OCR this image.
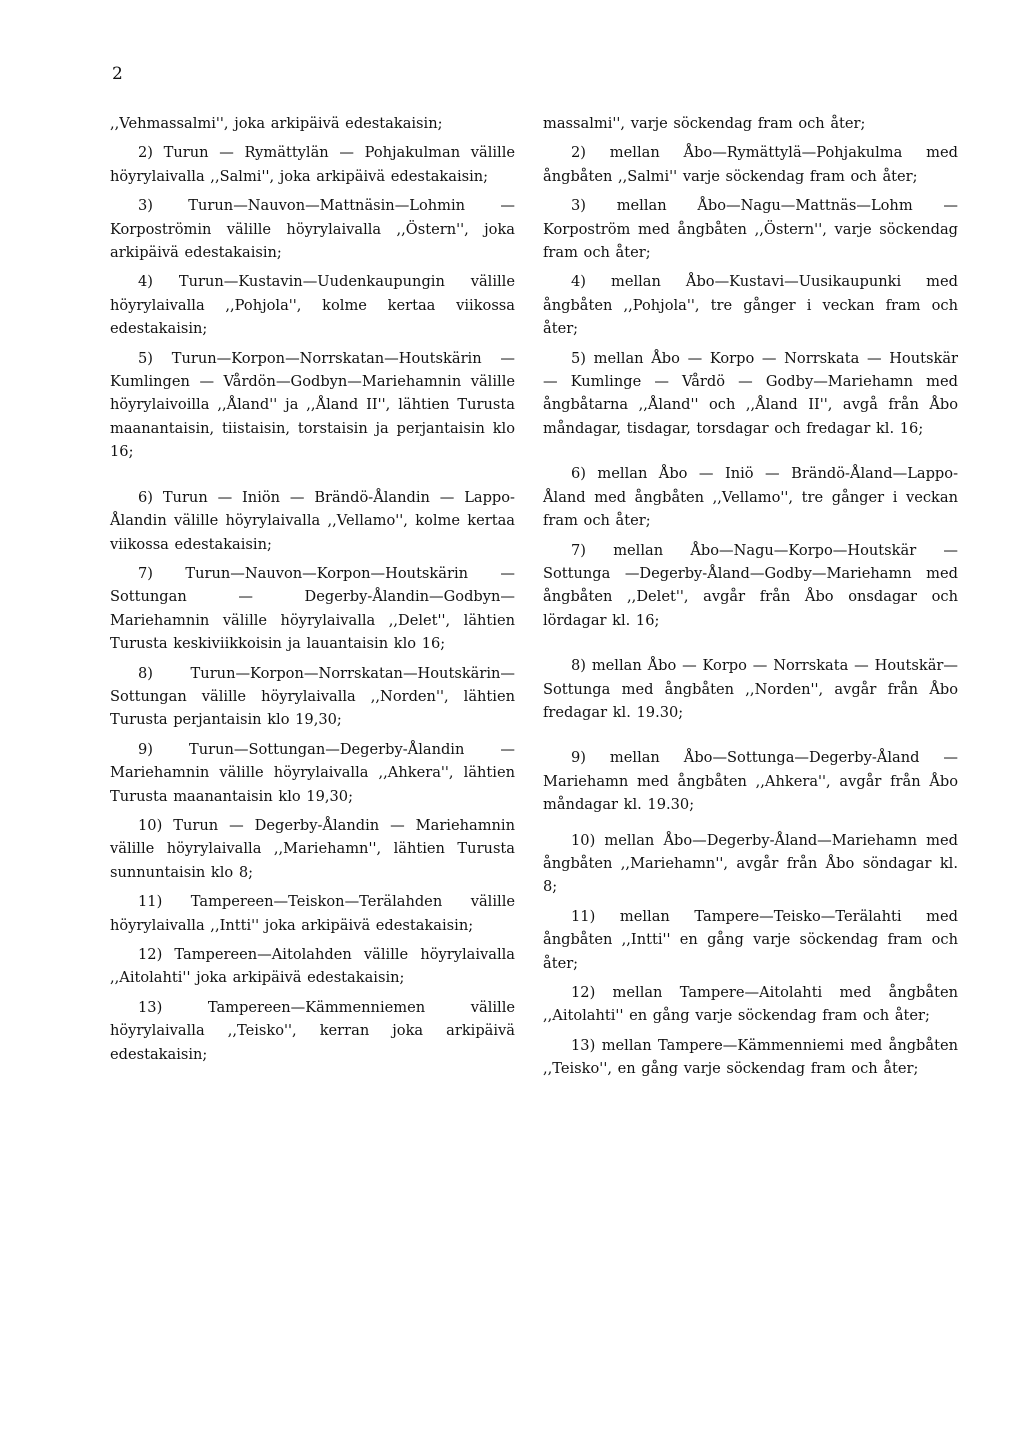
2

,,Vehmassalmi'', joka arkipäivä edestakaisin;

2) Turun — Rymättylän — Pohjakulman välille höyrylaivalla ,,Salmi'', joka arkipäivä edestakaisin;

3) Turun—Nauvon—Mattnäsin—Lohmin —Korpoströmin välille höyrylaivalla ,,Östern'', joka arkipäivä edestakaisin;

4) Turun—Kustavin—Uudenkaupungin välille höyrylaivalla ,,Pohjola'', kolme kertaa viikossa edestakaisin;

5) Turun—Korpon—Norrskatan—Houtskärin — Kumlingen — Vårdön—Godbyn—Mariehamnin välille höyrylaivoilla ,,Åland'' ja ,,Åland II'', lähtien Turusta maanantaisin, tiistaisin, torstaisin ja perjantaisin klo 16;

6) Turun — Iniön — Brändö-Ålandin — Lappo-Ålandin välille höyrylaivalla ,,Vellamo'', kolme kertaa viikossa edestakaisin;

7) Turun—Nauvon—Korpon—Houtskärin — Sottungan — Degerby-Ålandin—Godbyn—Mariehamnin välille höyrylaivalla ,,Delet'', lähtien Turusta keskiviikkoisin ja lauantaisin klo 16;

8) Turun—Korpon—Norrskatan—Houtskärin—Sottungan välille höyrylaivalla ,,Norden'', lähtien Turusta perjantaisin klo 19,30;

9) Turun—Sottungan—Degerby-Ålandin —Mariehamnin välille höyrylaivalla ,,Ahkera'', lähtien Turusta maanantaisin klo 19,30;

10) Turun — Degerby-Ålandin — Mariehamnin välille höyrylaivalla ,,Mariehamn'', lähtien Turusta sunnuntaisin klo 8;

11) Tampereen—Teiskon—Terälahden välille höyrylaivalla ,,Intti'' joka arkipäivä edestakaisin;

12) Tampereen—Aitolahden välille höyrylaivalla ,,Aitolahti'' joka arkipäivä edestakaisin;

13) Tampereen—Kämmenniemen välille höyrylaivalla ,,Teisko'', kerran joka arkipäivä edestakaisin;

massalmi'', varje söckendag fram och åter;

2) mellan Åbo—Rymättylä—Pohjakulma med ångbåten ,,Salmi'' varje söckendag fram och åter;

3) mellan Åbo—Nagu—Mattnäs—Lohm —Korpoström med ångbåten ,,Östern'', varje söckendag fram och åter;

4) mellan Åbo—Kustavi—Uusikaupunki med ångbåten ,,Pohjola'', tre gånger i veckan fram och åter;

5) mellan Åbo — Korpo — Norrskata — Houtskär — Kumlinge — Vårdö — Godby—Mariehamn med ångbåtarna ,,Åland'' och ,,Åland II'', avgå från Åbo måndagar, tisdagar, torsdagar och fredagar kl. 16;

6) mellan Åbo — Iniö — Brändö-Åland—Lappo-Åland med ångbåten ,,Vellamo'', tre gånger i veckan fram och åter;

7) mellan Åbo—Nagu—Korpo—Houtskär — Sottunga —Degerby-Åland—Godby—Mariehamn med ångbåten ,,Delet'', avgår från Åbo onsdagar och lördagar kl. 16;

8) mellan Åbo — Korpo — Norrskata — Houtskär—Sottunga med ångbåten ,,Norden'', avgår från Åbo fredagar kl. 19.30;

9) mellan Åbo—Sottunga—Degerby-Åland —Mariehamn med ångbåten ,,Ahkera'', avgår från Åbo måndagar kl. 19.30;

10) mellan Åbo—Degerby-Åland—Mariehamn med ångbåten ,,Mariehamn'', avgår från Åbo söndagar kl. 8;

11) mellan Tampere—Teisko—Terälahti med ångbåten ,,Intti'' en gång varje söckendag fram och åter;

12) mellan Tampere—Aitolahti med ångbåten ,,Aitolahti'' en gång varje söckendag fram och åter;

13) mellan Tampere—Kämmenniemi med ångbåten ,,Teisko'', en gång varje söckendag fram och åter;
